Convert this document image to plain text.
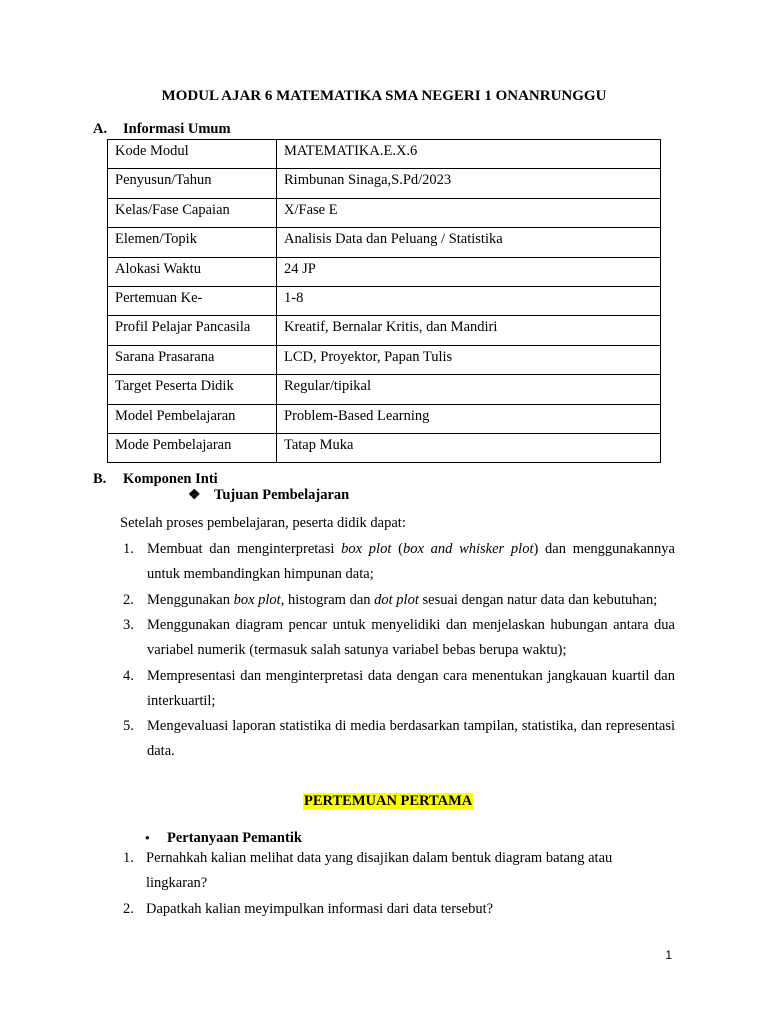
MODUL AJAR 6 MATEMATIKA SMA NEGERI 1 ONANRUNGGU
A. Informasi Umum
Kode Modul	MATEMATIKA.E.X.6
Penyusun/Tahun	Rimbunan Sinaga,S.Pd/2023
Kelas/Fase Capaian	X/Fase E
Elemen/Topik	Analisis Data dan Peluang / Statistika
Alokasi Waktu	24 JP
Pertemuan Ke-	1-8
Profil Pelajar Pancasila	Kreatif, Bernalar Kritis, dan Mandiri
Sarana Prasarana	LCD, Proyektor, Papan Tulis
Target Peserta Didik	Regular/tipikal
Model Pembelajaran	Problem-Based Learning
Mode Pembelajaran	Tatap Muka
B. Komponen Inti
❖ Tujuan Pembelajaran
Setelah proses pembelajaran, peserta didik dapat:
1. Membuat dan menginterpretasi box plot (box and whisker plot) dan menggunakannya untuk membandingkan himpunan data;
2. Menggunakan box plot, histogram dan dot plot sesuai dengan natur data dan kebutuhan;
3. Menggunakan diagram pencar untuk menyelidiki dan menjelaskan hubungan antara dua variabel numerik (termasuk salah satunya variabel bebas berupa waktu);
4. Mempresentasi dan menginterpretasi data dengan cara menentukan jangkauan kuartil dan interkuartil;
5. Mengevaluasi laporan statistika di media berdasarkan tampilan, statistika, dan representasi data.
PERTEMUAN PERTAMA
• Pertanyaan Pemantik
1. Pernahkah kalian melihat data yang disajikan dalam bentuk diagram batang atau lingkaran?
2. Dapatkah kalian meyimpulkan informasi dari data tersebut?
1
